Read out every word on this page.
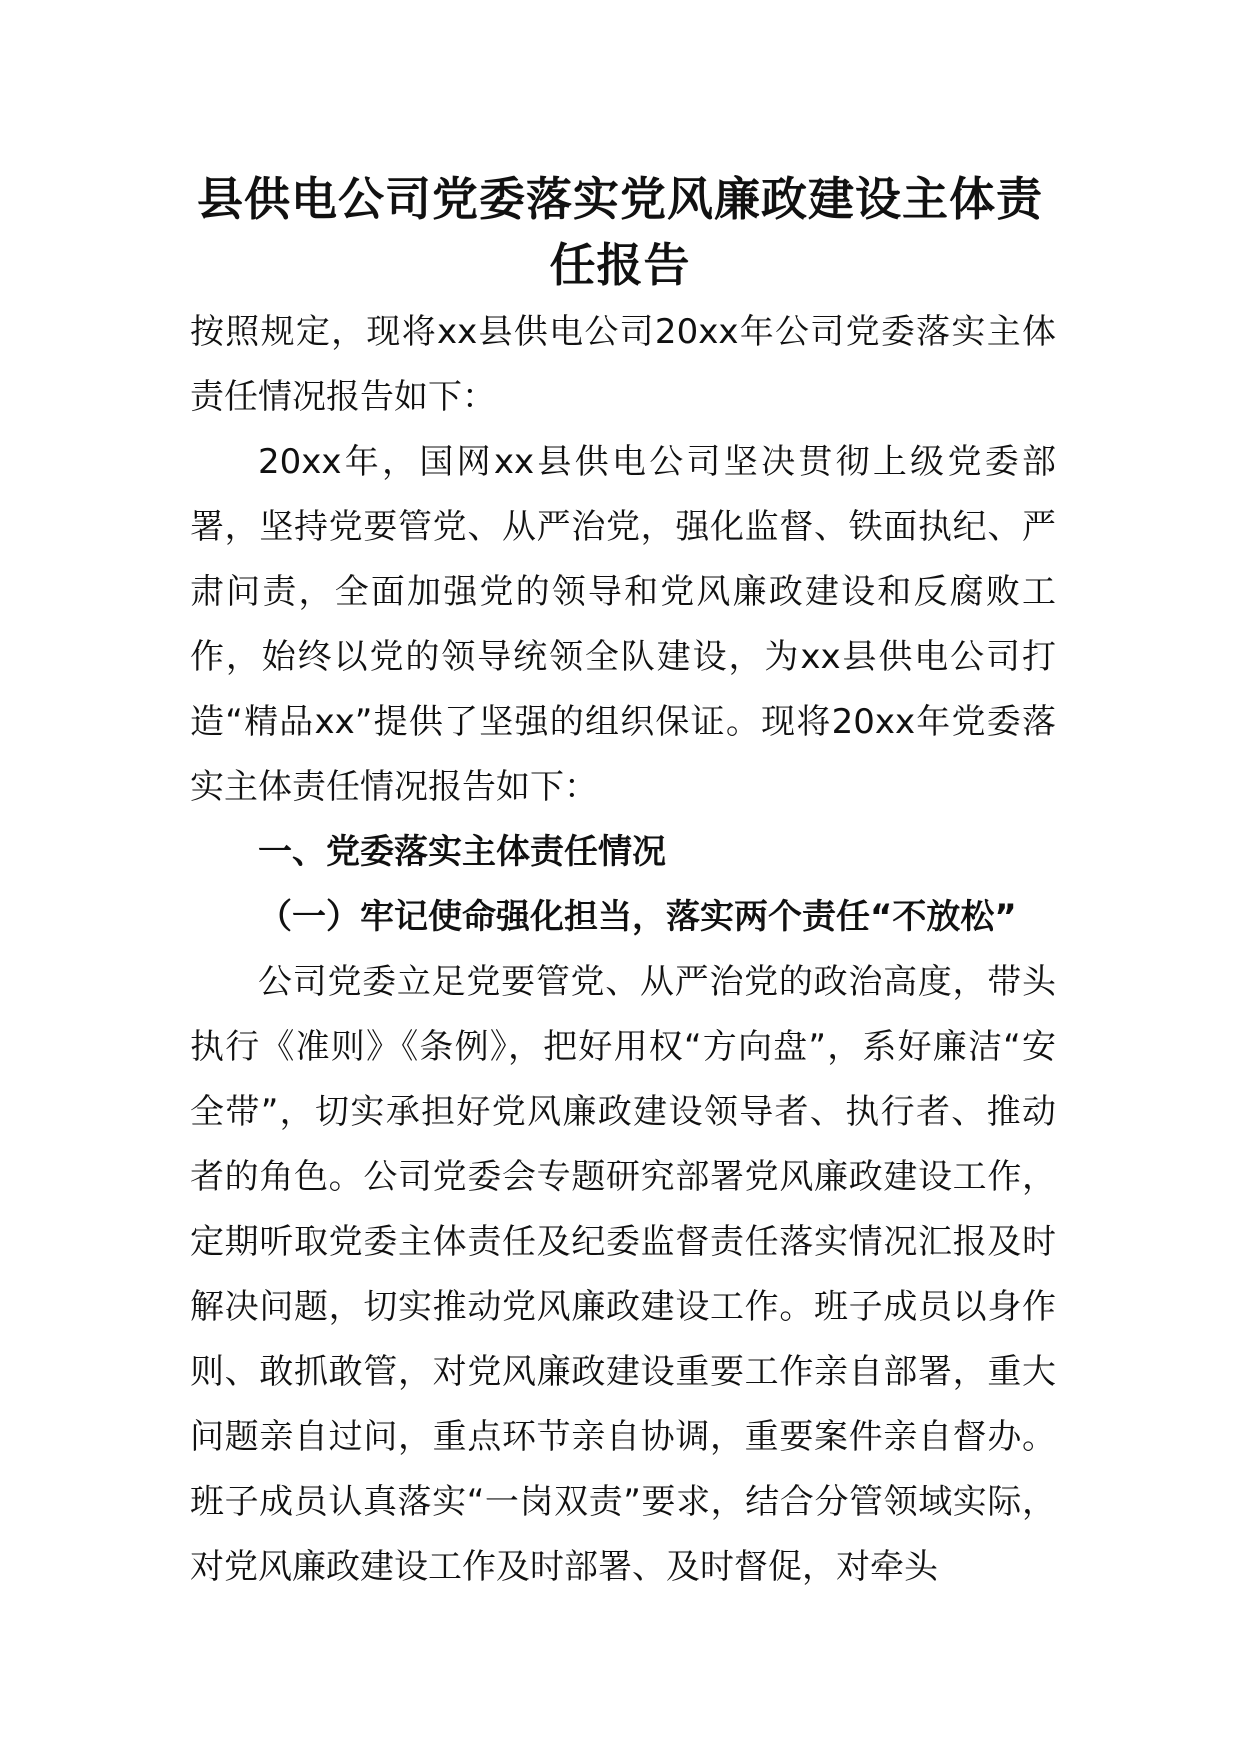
县供电公司党委落实党风廉政建设主体责任报告

按照规定，现将xx县供电公司20xx年公司党委落实主体责任情况报告如下：

20xx年，国网xx县供电公司坚决贯彻上级党委部署，坚持党要管党、从严治党，强化监督、铁面执纪、严肃问责，全面加强党的领导和党风廉政建设和反腐败工作，始终以党的领导统领全队建设，为xx县供电公司打造“精品xx”提供了坚强的组织保证。现将20xx年党委落实主体责任情况报告如下：

一、党委落实主体责任情况
（一）牢记使命强化担当，落实两个责任“不放松”

公司党委立足党要管党、从严治党的政治高度，带头执行《准则》《条例》，把好用权“方向盘”，系好廉洁“安全带”，切实承担好党风廉政建设领导者、执行者、推动者的角色。公司党委会专题研究部署党风廉政建设工作，定期听取党委主体责任及纪委监督责任落实情况汇报及时解决问题，切实推动党风廉政建设工作。班子成员以身作则、敢抓敢管，对党风廉政建设重要工作亲自部署，重大问题亲自过问，重点环节亲自协调，重要案件亲自督办。班子成员认真落实“一岗双责”要求，结合分管领域实际，对党风廉政建设工作及时部署、及时督促，对牵头
